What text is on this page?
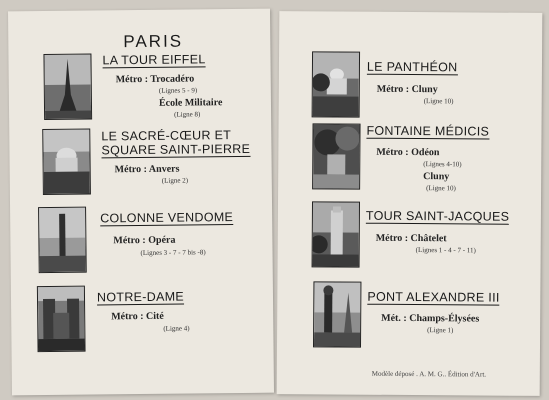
PARIS
LA TOUR EIFFEL
Métro : Trocadéro
(Lignes 5 - 9)
École Militaire
(Ligne 8)
LE SACRÉ-CŒUR ET
SQUARE SAINT-PIERRE
Métro : Anvers
(Ligne 2)
COLONNE VENDOME
Métro : Opéra
(Lignes 3 - 7 - 7 bis -8)
NOTRE-DAME
Métro : Cité
(Ligne 4)
LE PANTHÉON
Métro : Cluny
(Ligne 10)
FONTAINE MÉDICIS
Métro : Odéon
(Lignes 4-10)
Cluny
(Ligne 10)
TOUR SAINT-JACQUES
Métro : Châtelet
(Lignes 1 - 4 - 7 - 11)
PONT ALEXANDRE III
Mét. : Champs-Élysées
(Ligne 1)
Modèle déposé . A. M. G.. Édition d'Art.
